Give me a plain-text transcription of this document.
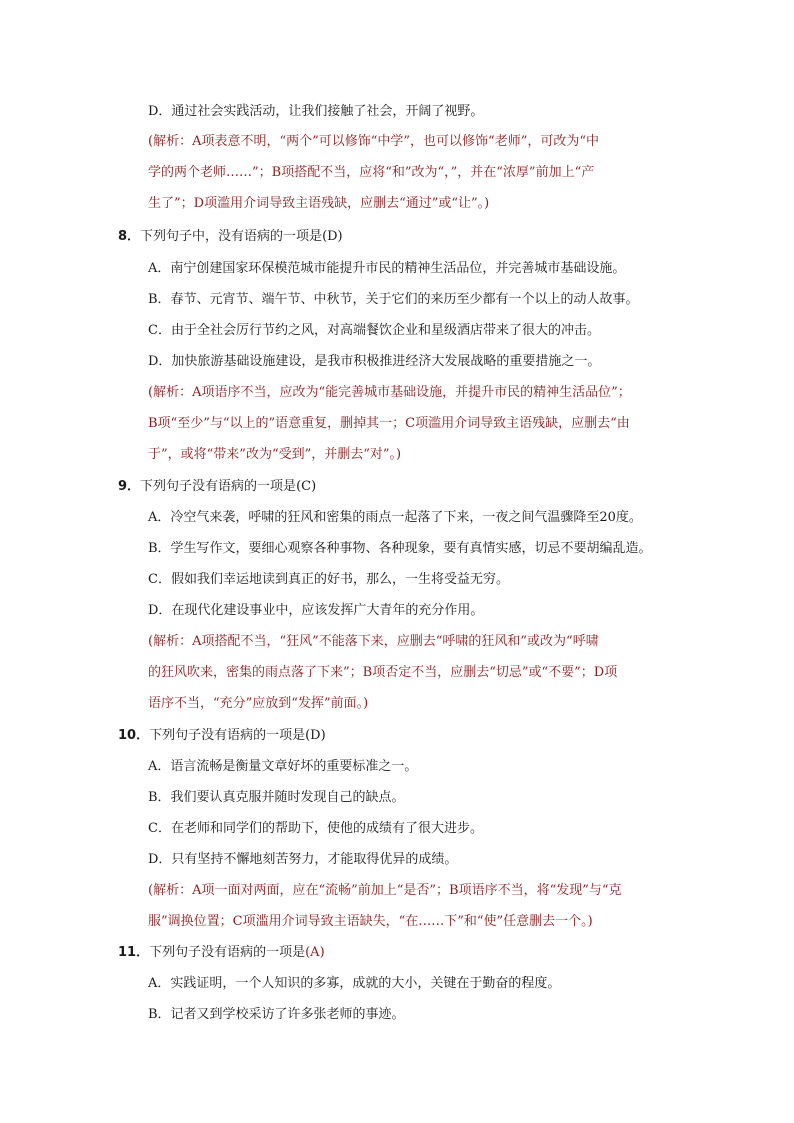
D．通过社会实践活动，让我们接触了社会，开阔了视野。
(解析：A项表意不明，“两个”可以修饰“中学”，也可以修饰“老师”，可改为“中
学的两个老师……”；B项搭配不当，应将“和”改为“，”，并在“浓厚”前加上“产
生了”；D项滥用介词导致主语残缺，应删去“通过”或“让”。)
8．下列句子中，没有语病的一项是(D)
A．南宁创建国家环保模范城市能提升市民的精神生活品位，并完善城市基础设施。
B．春节、元宵节、端午节、中秋节，关于它们的来历至少都有一个以上的动人故事。
C．由于全社会厉行节约之风，对高端餐饮企业和星级酒店带来了很大的冲击。
D．加快旅游基础设施建设，是我市积极推进经济大发展战略的重要措施之一。
(解析：A项语序不当，应改为“能完善城市基础设施，并提升市民的精神生活品位”；
B项“至少”与“以上的”语意重复，删掉其一；C项滥用介词导致主语残缺，应删去“由
于”，或将“带来”改为“受到”，并删去“对”。)
9．下列句子没有语病的一项是(C)
A．冷空气来袭，呼啸的狂风和密集的雨点一起落了下来，一夜之间气温骤降至20度。
B．学生写作文，要细心观察各种事物、各种现象，要有真情实感，切忌不要胡编乱造。
C．假如我们幸运地读到真正的好书，那么，一生将受益无穷。
D．在现代化建设事业中，应该发挥广大青年的充分作用。
(解析：A项搭配不当，“狂风”不能落下来，应删去“呼啸的狂风和”或改为“呼啸
的狂风吹来，密集的雨点落了下来”；B项否定不当，应删去“切忌”或“不要”；D项
语序不当，“充分”应放到“发挥”前面。)
10．下列句子没有语病的一项是(D)
A．语言流畅是衡量文章好坏的重要标准之一。
B．我们要认真克服并随时发现自己的缺点。
C．在老师和同学们的帮助下，使他的成绩有了很大进步。
D．只有坚持不懈地刻苦努力，才能取得优异的成绩。
(解析：A项一面对两面，应在“流畅”前加上“是否”；B项语序不当，将“发现”与“克
服”调换位置；C项滥用介词导致主语缺失，“在……下”和“使”任意删去一个。)
11．下列句子没有语病的一项是(A)
A．实践证明，一个人知识的多寡，成就的大小，关键在于勤奋的程度。
B．记者又到学校采访了许多张老师的事迹。
